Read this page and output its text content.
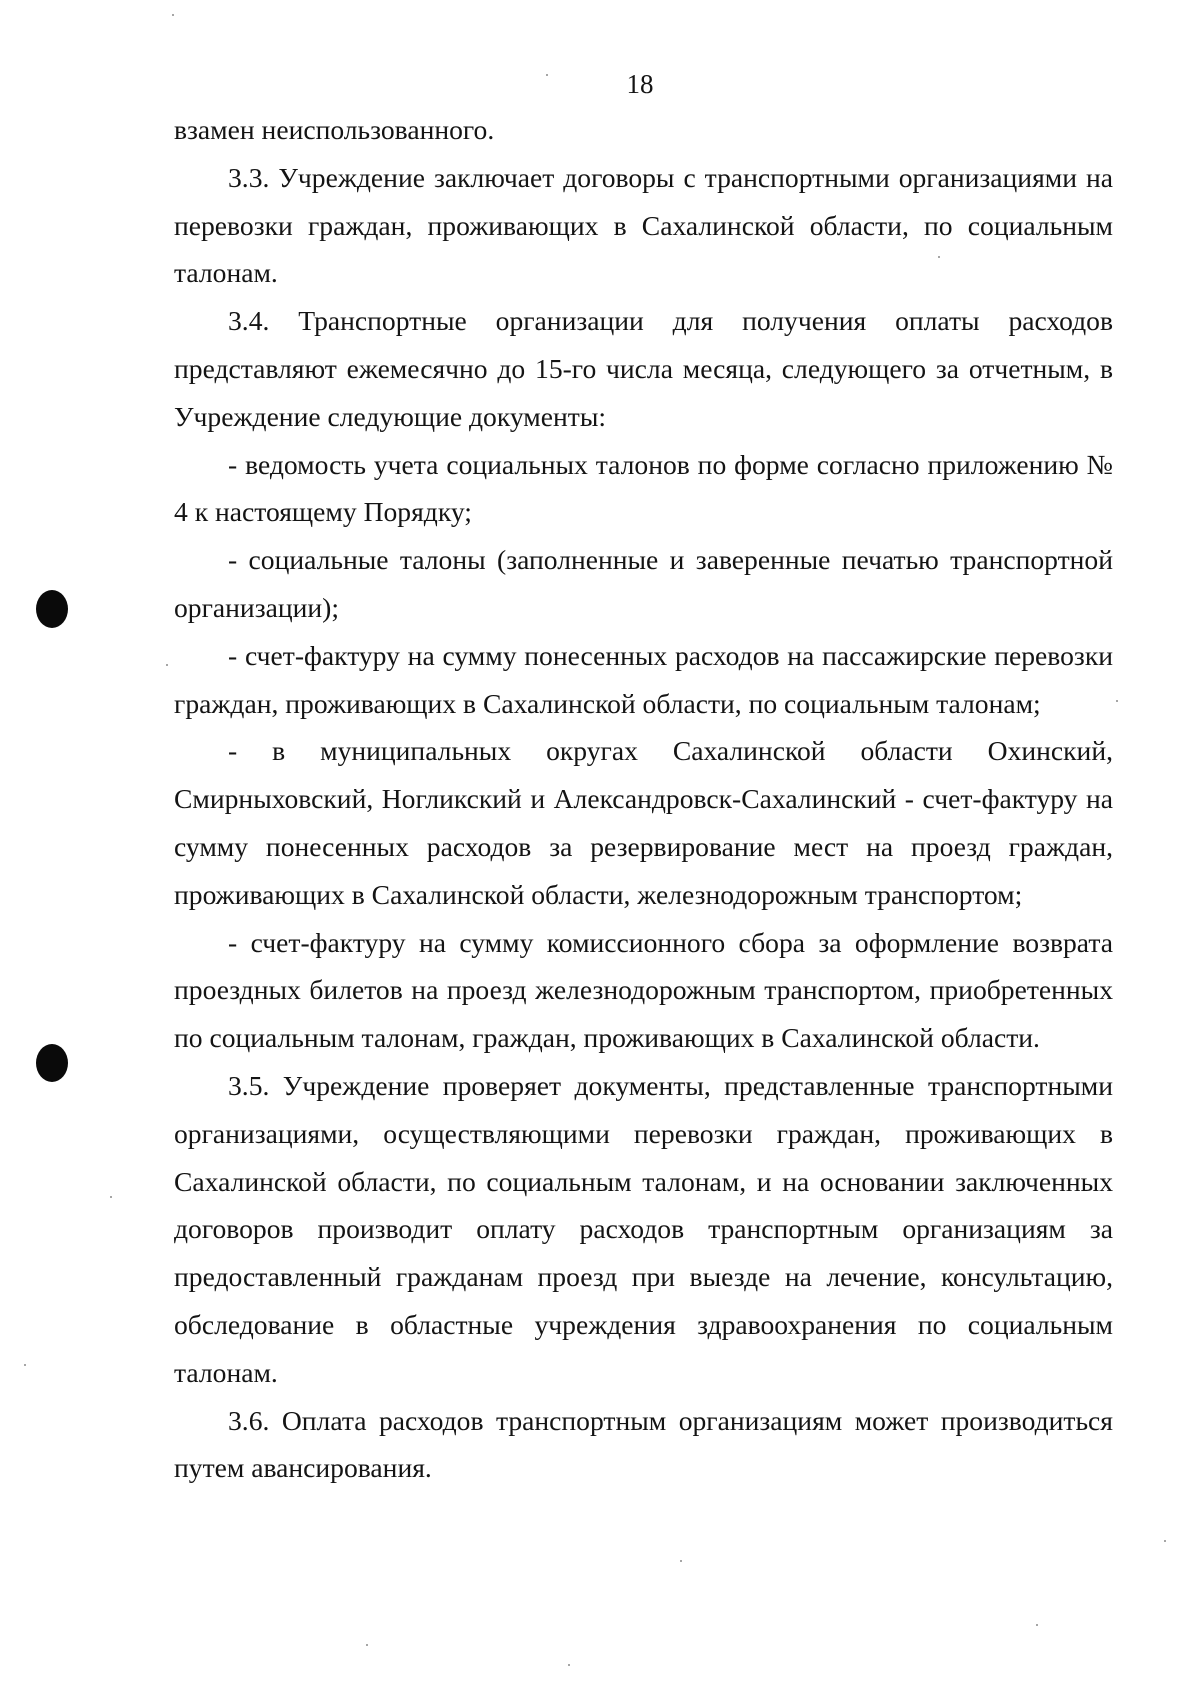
18

взамен неиспользованного.

3.3. Учреждение заключает договоры с транспортными организациями на перевозки граждан, проживающих в Сахалинской области, по социальным талонам.

3.4. Транспортные организации для получения оплаты расходов представляют ежемесячно до 15-го числа месяца, следующего за отчетным, в Учреждение следующие документы:

- ведомость учета социальных талонов по форме согласно приложению № 4 к настоящему Порядку;

- социальные талоны (заполненные и заверенные печатью транспортной организации);

- счет-фактуру на сумму понесенных расходов на пассажирские перевозки граждан, проживающих в Сахалинской области, по социальным талонам;

- в муниципальных округах Сахалинской области Охинский, Смирныховский, Ногликский и Александровск-Сахалинский - счет-фактуру на сумму понесенных расходов за резервирование мест на проезд граждан, проживающих в Сахалинской области, железнодорожным транспортом;

- счет-фактуру на сумму комиссионного сбора за оформление возврата проездных билетов на проезд железнодорожным транспортом, приобретенных по социальным талонам, граждан, проживающих в Сахалинской области.

3.5. Учреждение проверяет документы, представленные транспортными организациями, осуществляющими перевозки граждан, проживающих в Сахалинской области, по социальным талонам, и на основании заключенных договоров производит оплату расходов транспортным организациям за предоставленный гражданам проезд при выезде на лечение, консультацию, обследование в областные учреждения здравоохранения по социальным талонам.

3.6. Оплата расходов транспортным организациям может производиться путем авансирования.
